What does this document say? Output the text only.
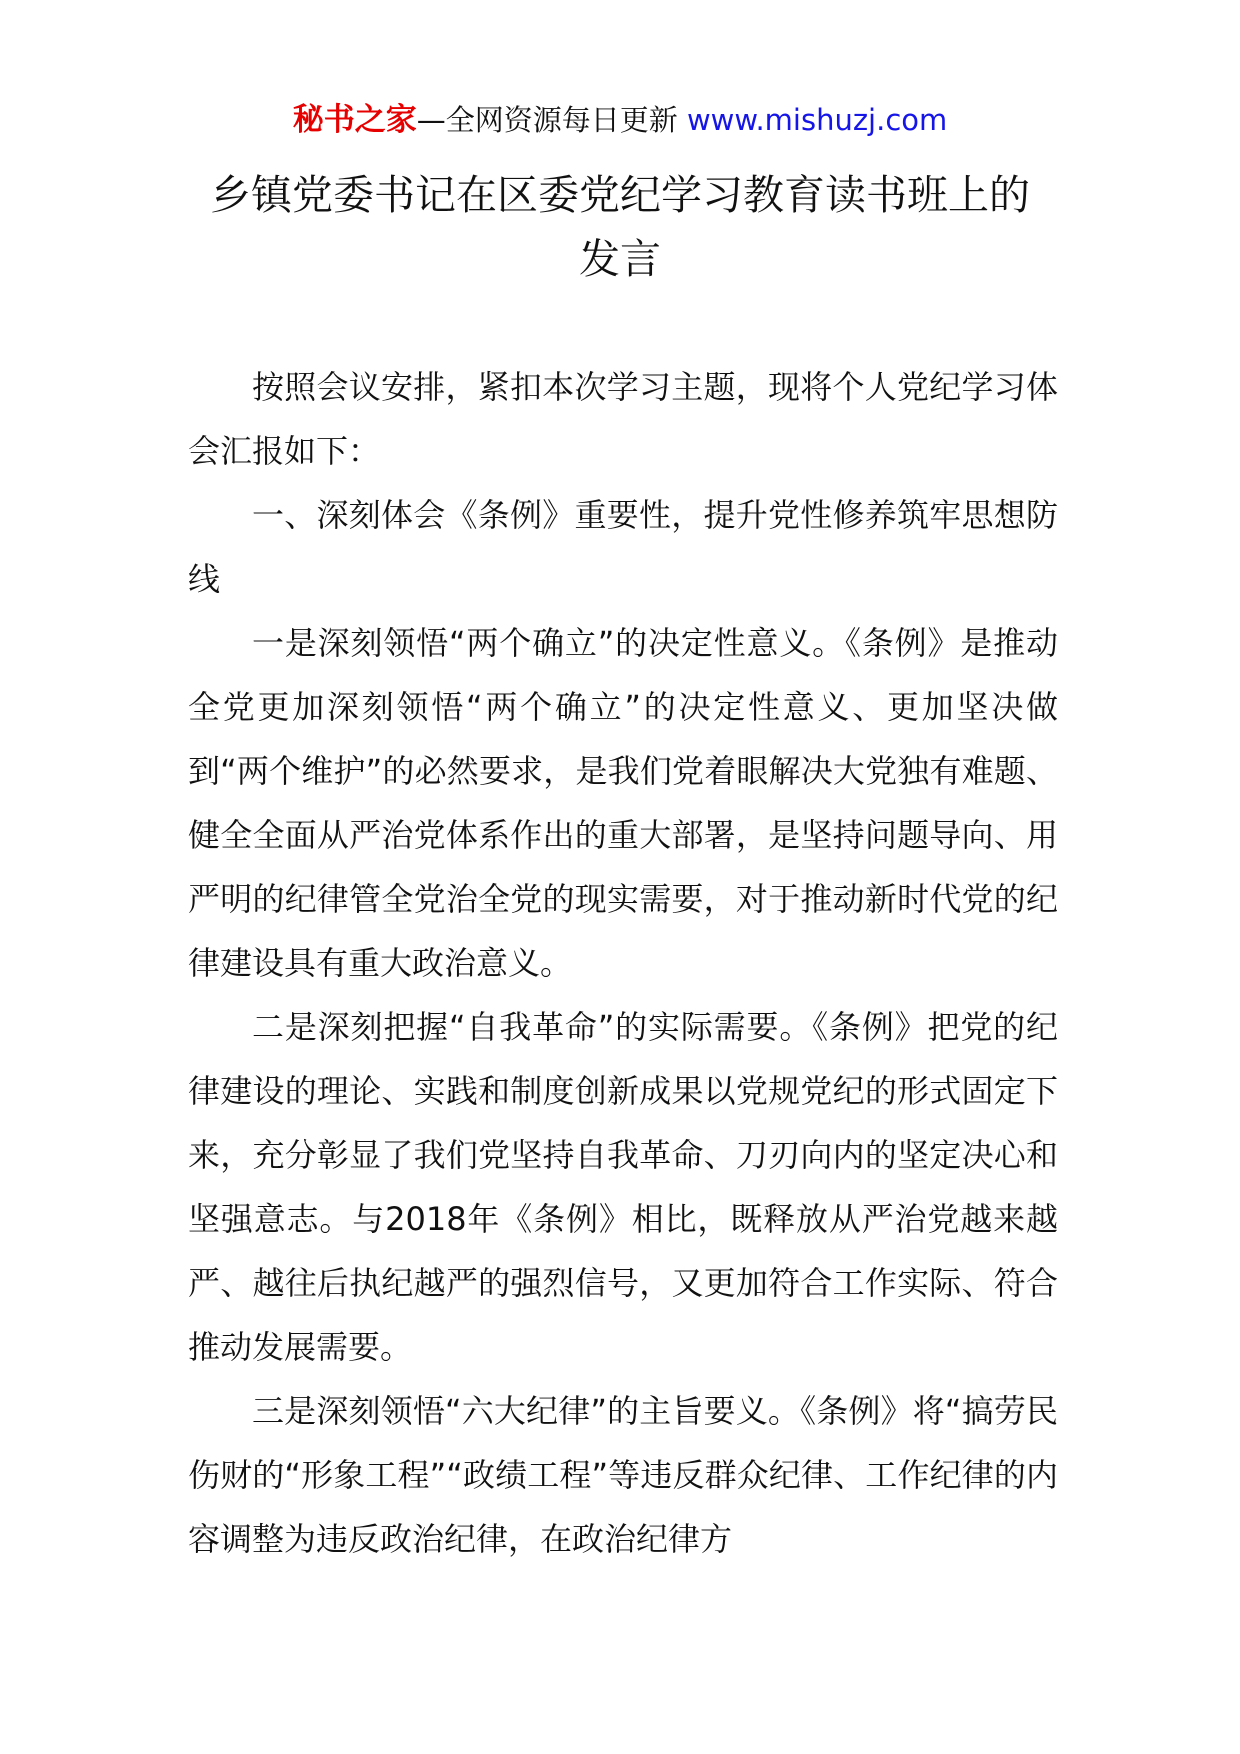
秘书之家—全网资源每日更新 www.mishuzj.com
乡镇党委书记在区委党纪学习教育读书班上的
发言

按照会议安排，紧扣本次学习主题，现将个人党纪学习体会汇报如下：

一、深刻体会《条例》重要性，提升党性修养筑牢思想防线

一是深刻领悟“两个确立”的决定性意义。《条例》是推动全党更加深刻领悟“两个确立”的决定性意义、更加坚决做到“两个维护”的必然要求，是我们党着眼解决大党独有难题、健全全面从严治党体系作出的重大部署，是坚持问题导向、用严明的纪律管全党治全党的现实需要，对于推动新时代党的纪律建设具有重大政治意义。

二是深刻把握“自我革命”的实际需要。《条例》把党的纪律建设的理论、实践和制度创新成果以党规党纪的形式固定下来，充分彰显了我们党坚持自我革命、刀刃向内的坚定决心和坚强意志。与2018年《条例》相比，既释放从严治党越来越严、越往后执纪越严的强烈信号，又更加符合工作实际、符合推动发展需要。

三是深刻领悟“六大纪律”的主旨要义。《条例》将“搞劳民伤财的“形象工程”“政绩工程”等违反群众纪律、工作纪律的内容调整为违反政治纪律，在政治纪律方
